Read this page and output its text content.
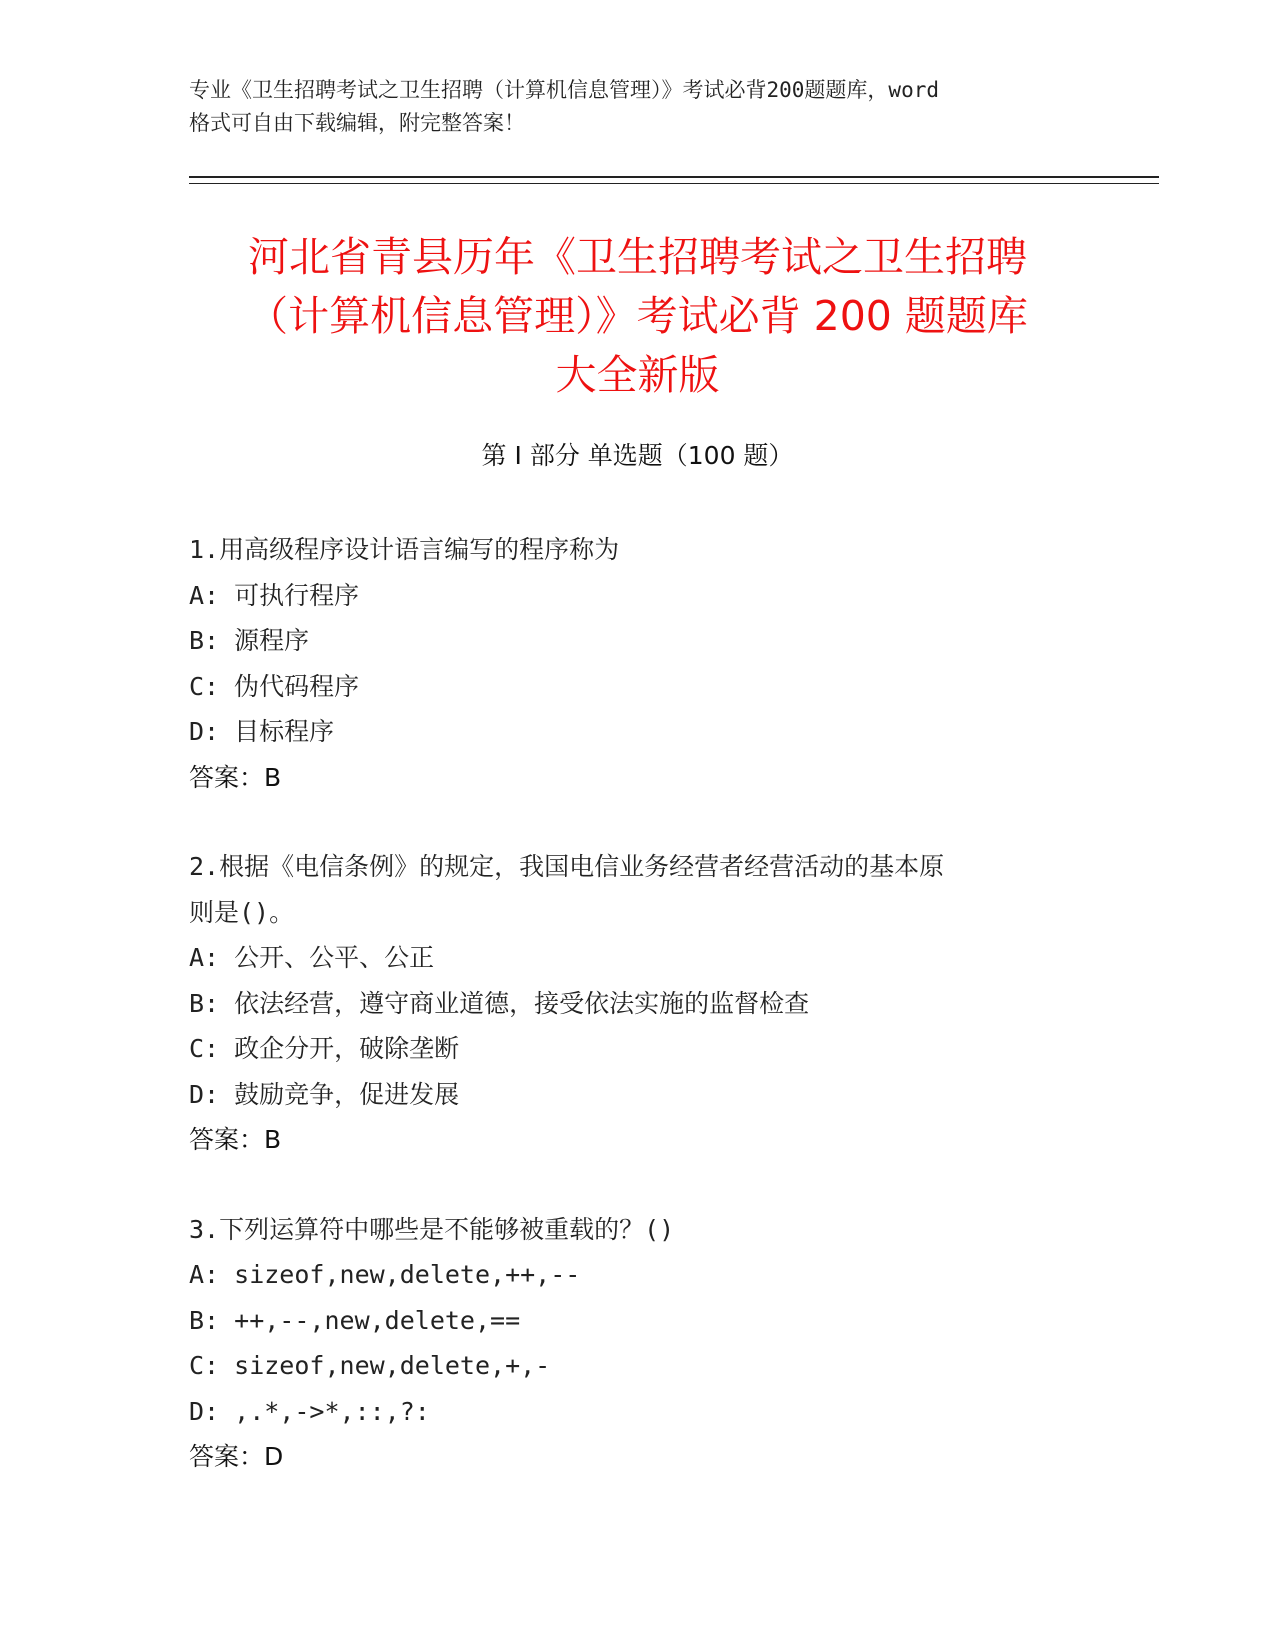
专业《卫生招聘考试之卫生招聘（计算机信息管理）》考试必背200题题库，word
格式可自由下载编辑，附完整答案！
河北省青县历年《卫生招聘考试之卫生招聘
（计算机信息管理）》考试必背 200 题题库
大全新版
第 I 部分 单选题（100 题）
1.用高级程序设计语言编写的程序称为
A: 可执行程序
B: 源程序
C: 伪代码程序
D: 目标程序
答案：B
2.根据《电信条例》的规定，我国电信业务经营者经营活动的基本原
则是()。
A: 公开、公平、公正
B: 依法经营，遵守商业道德，接受依法实施的监督检查
C: 政企分开，破除垄断
D: 鼓励竞争，促进发展
答案：B
3.下列运算符中哪些是不能够被重载的？()
A: sizeof,new,delete,++,--
B: ++,--,new,delete,==
C: sizeof,new,delete,+,-
D: ,.*,->*,::,?:
答案：D
